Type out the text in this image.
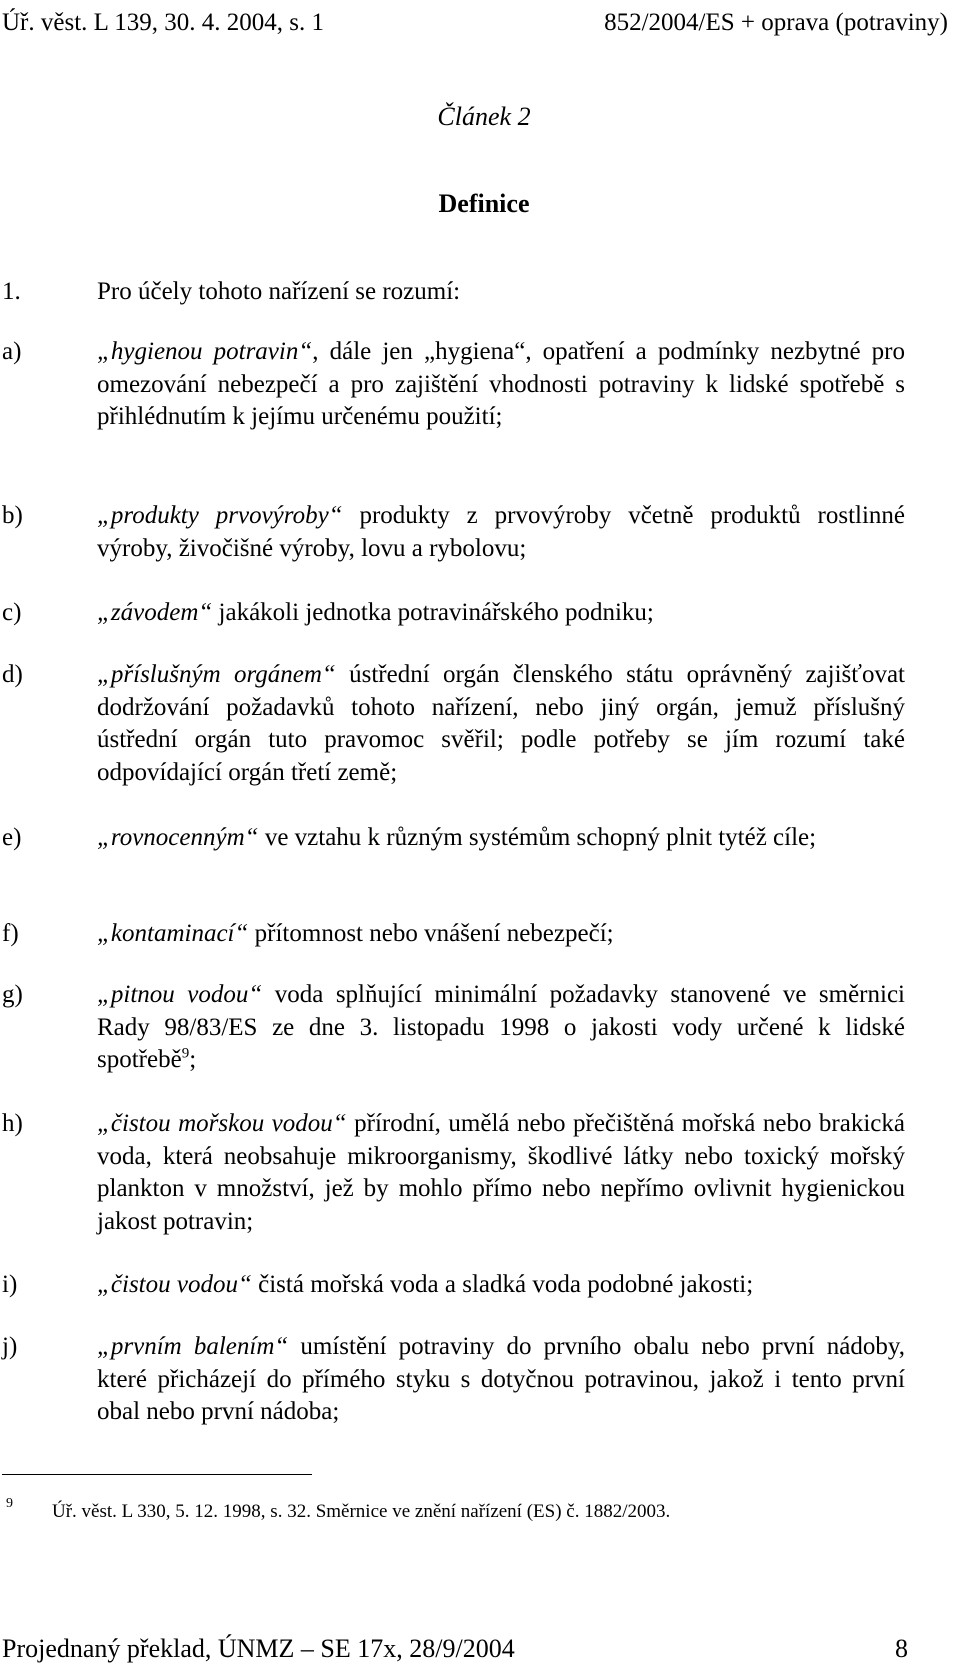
Úř. věst. L 139, 30. 4. 2004, s. 1	852/2004/ES + oprava (potraviny)
Článek 2
Definice
1.	Pro účely tohoto nařízení se rozumí:
a)	„hygienou potravin“, dále jen „hygiena“, opatření a podmínky nezbytné pro omezování nebezpečí a pro zajištění vhodnosti potraviny k lidské spotřebě s přihlédnutím k jejímu určenému použití;
b)	„produkty prvovýroby“ produkty z prvovýroby včetně produktů rostlinné výroby, živočišné výroby, lovu a rybolovu;
c)	„závodem“ jakákoli jednotka potravinářského podniku;
d)	„příslušným orgánem“ ústřední orgán členského státu oprávněný zajišťovat dodržování požadavků tohoto nařízení, nebo jiný orgán, jemuž příslušný ústřední orgán tuto pravomoc svěřil; podle potřeby se jím rozumí také odpovídající orgán třetí země;
e)	„rovnocenným“ ve vztahu k různým systémům schopný plnit tytéž cíle;
f)	„kontaminací“ přítomnost nebo vnášení nebezpečí;
g)	„pitnou vodou“ voda splňující minimální požadavky stanovené ve směrnici Rady 98/83/ES ze dne 3. listopadu 1998 o jakosti vody určené k lidské spotřebě$^9$;
h)	„čistou mořskou vodou“ přírodní, umělá nebo přečištěná mořská nebo brakická voda, která neobsahuje mikroorganismy, škodlivé látky nebo toxický mořský plankton v množství, jež by mohlo přímo nebo nepřímo ovlivnit hygienickou jakost potravin;
i)	„čistou vodou“ čistá mořská voda a sladká voda podobné jakosti;
j)	„prvním balením“ umístění potraviny do prvního obalu nebo první nádoby, které přicházejí do přímého styku s dotyčnou potravinou, jakož i tento první obal nebo první nádoba;
9 Úř. věst. L 330, 5. 12. 1998, s. 32. Směrnice ve znění nařízení (ES) č. 1882/2003.
Projednaný překlad, ÚNMZ – SE 17x, 28/9/2004	8
